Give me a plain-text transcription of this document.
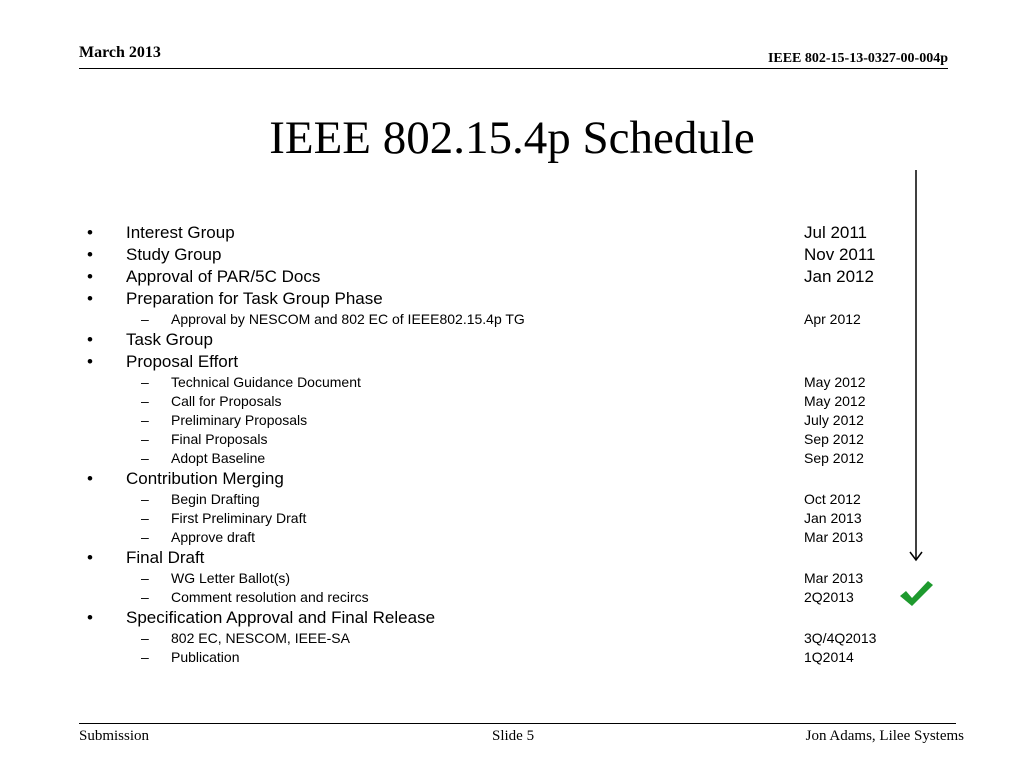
March 2013	IEEE 802-15-13-0327-00-004p
IEEE 802.15.4p Schedule
• Interest Group	Jul 2011
• Study Group	Nov 2011
• Approval of PAR/5C Docs	Jan 2012
• Preparation for Task Group Phase
– Approval by NESCOM and 802 EC of IEEE802.15.4p TG	Apr 2012
• Task Group
• Proposal Effort
– Technical Guidance Document	May 2012
– Call for Proposals	May 2012
– Preliminary Proposals	July 2012
– Final Proposals	Sep 2012
– Adopt Baseline	Sep 2012
• Contribution Merging
– Begin Drafting	Oct 2012
– First Preliminary Draft	Jan 2013
– Approve draft	Mar 2013
• Final Draft
– WG Letter Ballot(s)	Mar 2013
– Comment resolution and recircs	2Q2013
• Specification Approval and Final Release
– 802 EC, NESCOM, IEEE-SA	3Q/4Q2013
– Publication	1Q2014
Submission	Slide 5	Jon Adams, Lilee Systems
